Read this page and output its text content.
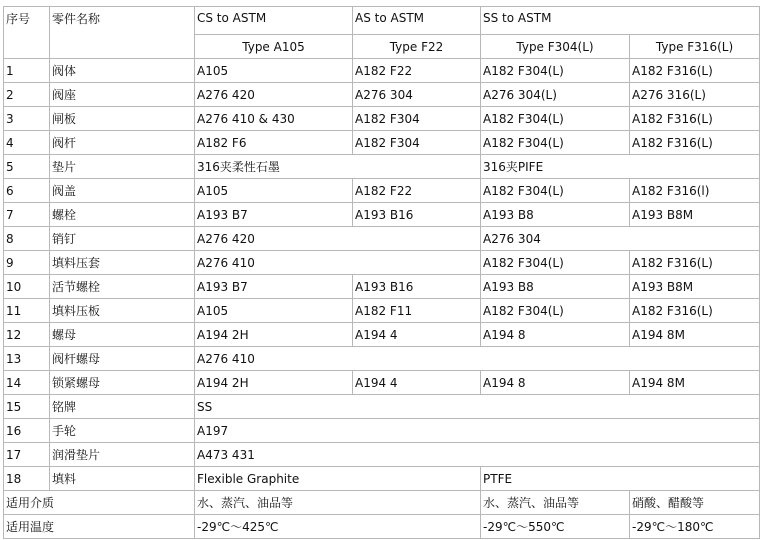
序号	零件名称	CS to ASTM	AS to ASTM	SS to ASTM	
		Type A105	Type F22	Type F304(L)	Type F316(L)
1	阀体	A105	A182 F22	A182 F304(L)	A182 F316(L)
2	阀座	A276 420	A276 304	A276 304(L)	A276 316(L)
3	闸板	A276 410 & 430	A182 F304	A182 F304(L)	A182 F316(L)
4	阀杆	A182 F6	A182 F304	A182 F304(L)	A182 F316(L)
5	垫片	316夹柔性石墨		316夹PIFE	
6	阀盖	A105	A182 F22	A182 F304(L)	A182 F316(l)
7	螺栓	A193 B7	A193 B16	A193 B8	A193 B8M
8	销钉	A276 420		A276 304	
9	填料压套	A276 410		A182 F304(L)	A182 F316(L)
10	活节螺栓	A193 B7	A193 B16	A193 B8	A193 B8M
11	填料压板	A105	A182 F11	A182 F304(L)	A182 F316(L)
12	螺母	A194 2H	A194 4	A194 8	A194 8M
13	阀杆螺母	A276 410			
14	锁紧螺母	A194 2H	A194 4	A194 8	A194 8M
15	铭牌	SS			
16	手轮	A197			
17	润滑垫片	A473 431			
18	填料	Flexible Graphite		PTFE	
适用介质		水、蒸汽、油品等		水、蒸汽、油品等	硝酸、醋酸等
适用温度		-29℃～425℃		-29℃～550℃	-29℃～180℃
